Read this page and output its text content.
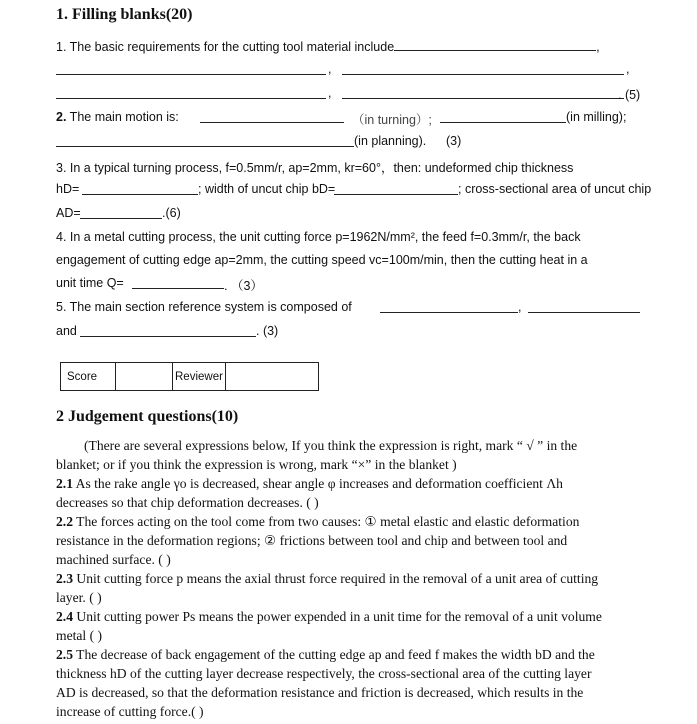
1. Filling blanks(20)
1. The basic requirements for the cutting tool material include	,
,	,
,	. (5)
2. The main motion is:	（in turning）;	(in milling);
(in planning). (3)
3. In a typical turning process, f=0.5mm/r, ap=2mm, kr=60°，then: undeformed chip thickness
hD=	; width of uncut chip bD=	; cross-sectional area of uncut chip
AD=	.(6)
4. In a metal cutting process, the unit cutting force p=1962N/mm², the feed f=0.3mm/r, the back
engagement of cutting edge ap=2mm, the cutting speed vc=100m/min, then the cutting heat in a
unit time Q=	. （3）
5. The main section reference system is composed of	,
and	. (3)
Score		Reviewer	
2 Judgement questions(10)
(There are several expressions below, If you think the expression is right, mark “ √ ” in the
blanket; or if you think the expression is wrong, mark “×” in the blanket )
2.1 As the rake angle γo is decreased, shear angle φ increases and deformation coefficient Λh
decreases so that chip deformation decreases. ( )
2.2 The forces acting on the tool come from two causes: ① metal elastic and elastic deformation
resistance in the deformation regions; ② frictions between tool and chip and between tool and
machined surface. ( )
2.3 Unit cutting force p means the axial thrust force required in the removal of a unit area of cutting
layer. ( )
2.4 Unit cutting power Ps means the power expended in a unit time for the removal of a unit volume
metal ( )
2.5 The decrease of back engagement of the cutting edge ap and feed f makes the width bD and the
thickness hD of the cutting layer decrease respectively, the cross-sectional area of the cutting layer
AD is decreased, so that the deformation resistance and friction is decreased, which results in the
increase of cutting force.( )
